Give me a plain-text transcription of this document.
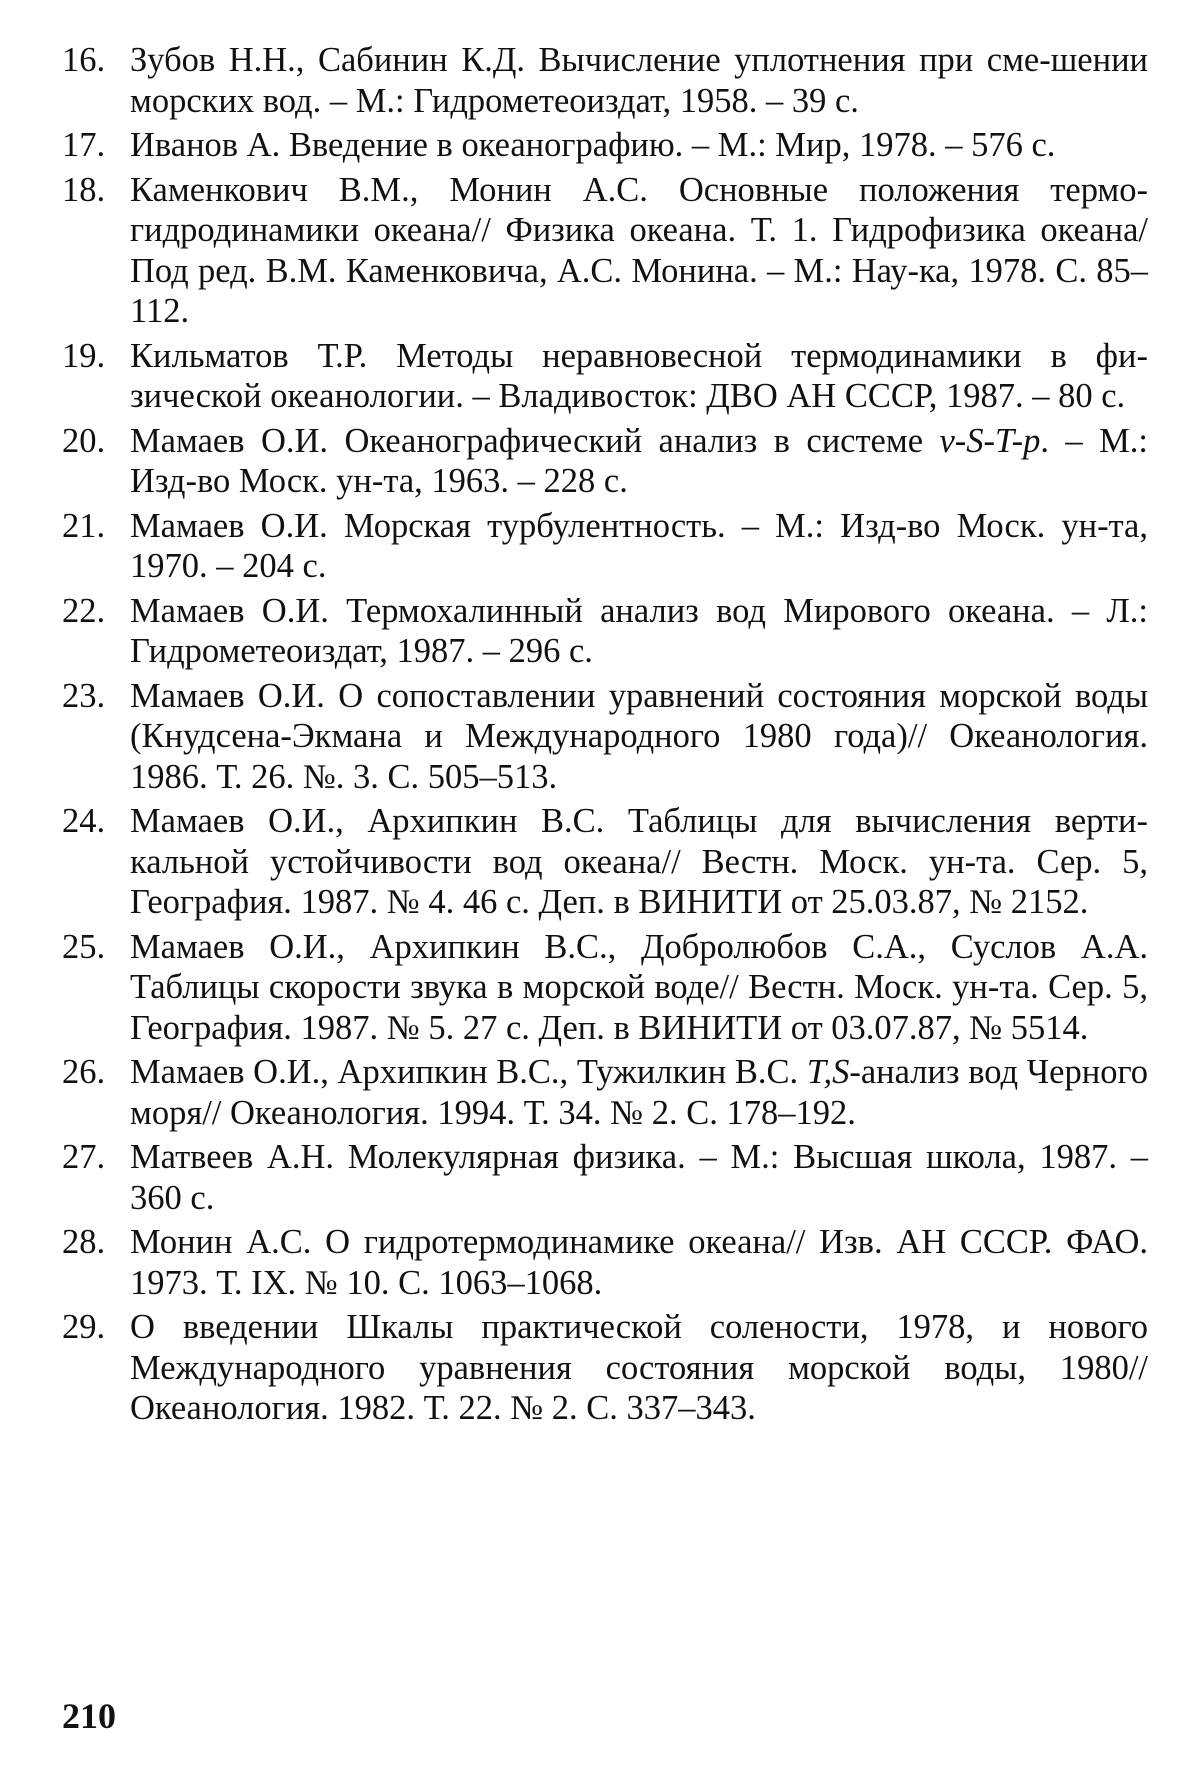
16. Зубов Н.Н., Сабинин К.Д. Вычисление уплотнения при сме-шении морских вод. – М.: Гидрометеоиздат, 1958. – 39 с.
17. Иванов А. Введение в океанографию. – М.: Мир, 1978. – 576 с.
18. Каменкович В.М., Монин А.С. Основные положения термо-гидродинамики океана// Физика океана. Т. 1. Гидрофизика океана/ Под ред. В.М. Каменковича, А.С. Монина. – М.: Нау-ка, 1978. С. 85–112.
19. Кильматов Т.Р. Методы неравновесной термодинамики в фи-зической океанологии. – Владивосток: ДВО АН СССР, 1987. – 80 с.
20. Мамаев О.И. Океанографический анализ в системе v-S-T-p. – М.: Изд-во Моск. ун-та, 1963. – 228 с.
21. Мамаев О.И. Морская турбулентность. – М.: Изд-во Моск. ун-та, 1970. – 204 с.
22. Мамаев О.И. Термохалинный анализ вод Мирового океана. – Л.: Гидрометеоиздат, 1987. – 296 с.
23. Мамаев О.И. О сопоставлении уравнений состояния морской воды (Кнудсена-Экмана и Международного 1980 года)// Океанология. 1986. Т. 26. №. 3. С. 505–513.
24. Мамаев О.И., Архипкин В.С. Таблицы для вычисления верти-кальной устойчивости вод океана// Вестн. Моск. ун-та. Сер. 5, География. 1987. № 4. 46 с. Деп. в ВИНИТИ от 25.03.87, № 2152.
25. Мамаев О.И., Архипкин В.С., Добролюбов С.А., Суслов А.А. Таблицы скорости звука в морской воде// Вестн. Моск. ун-та. Сер. 5, География. 1987. № 5. 27 с. Деп. в ВИНИТИ от 03.07.87, № 5514.
26. Мамаев О.И., Архипкин В.С., Тужилкин В.С. T,S-анализ вод Черного моря// Океанология. 1994. Т. 34. № 2. С. 178–192.
27. Матвеев А.Н. Молекулярная физика. – М.: Высшая школа, 1987. – 360 с.
28. Монин А.С. О гидротермодинамике океана// Изв. АН СССР. ФАО. 1973. Т. IX. № 10. С. 1063–1068.
29. О введении Шкалы практической солености, 1978, и нового Международного уравнения состояния морской воды, 1980// Океанология. 1982. Т. 22. № 2. С. 337–343.
210
